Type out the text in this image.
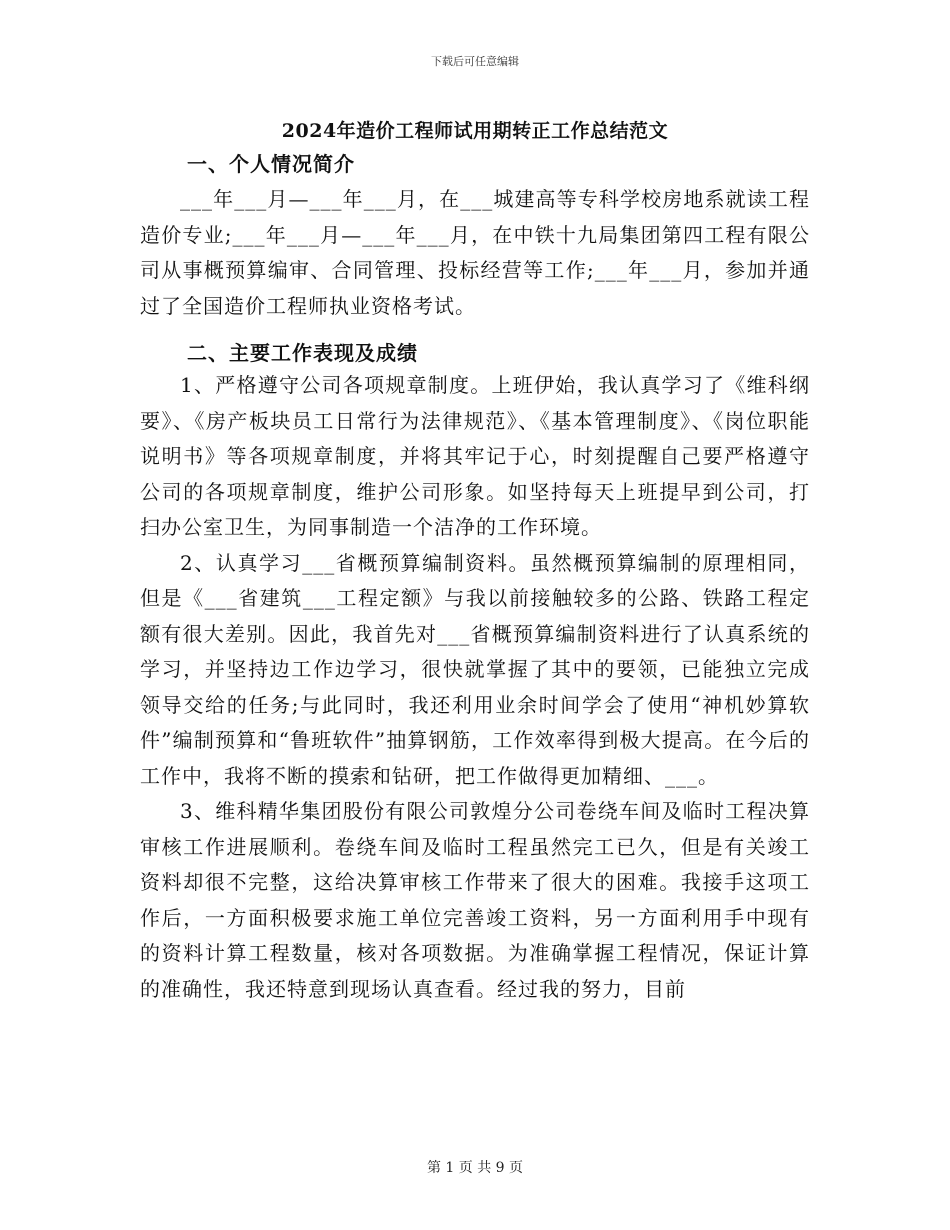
下载后可任意编辑
2024年造价工程师试用期转正工作总结范文
一、个人情况简介

___年___月—___年___月，在___城建高等专科学校房地系就读工程造价专业;___年___月—___年___月，在中铁十九局集团第四工程有限公司从事概预算编审、合同管理、投标经营等工作;___年___月，参加并通过了全国造价工程师执业资格考试。

二、主要工作表现及成绩

1、严格遵守公司各项规章制度。上班伊始，我认真学习了《维科纲要》、《房产板块员工日常行为法律规范》、《基本管理制度》、《岗位职能说明书》等各项规章制度，并将其牢记于心，时刻提醒自己要严格遵守公司的各项规章制度，维护公司形象。如坚持每天上班提早到公司，打扫办公室卫生，为同事制造一个洁净的工作环境。

2、认真学习___省概预算编制资料。虽然概预算编制的原理相同，但是《___省建筑___工程定额》与我以前接触较多的公路、铁路工程定额有很大差别。因此，我首先对___省概预算编制资料进行了认真系统的学习，并坚持边工作边学习，很快就掌握了其中的要领，已能独立完成领导交给的任务;与此同时，我还利用业余时间学会了使用“神机妙算软件”编制预算和“鲁班软件”抽算钢筋，工作效率得到极大提高。在今后的工作中，我将不断的摸索和钻研，把工作做得更加精细、___。

3、维科精华集团股份有限公司敦煌分公司卷绕车间及临时工程决算审核工作进展顺利。卷绕车间及临时工程虽然完工已久，但是有关竣工资料却很不完整，这给决算审核工作带来了很大的困难。我接手这项工作后，一方面积极要求施工单位完善竣工资料，另一方面利用手中现有的资料计算工程数量，核对各项数据。为准确掌握工程情况，保证计算的准确性，我还特意到现场认真查看。经过我的努力，目前

第 1 页 共 9 页
